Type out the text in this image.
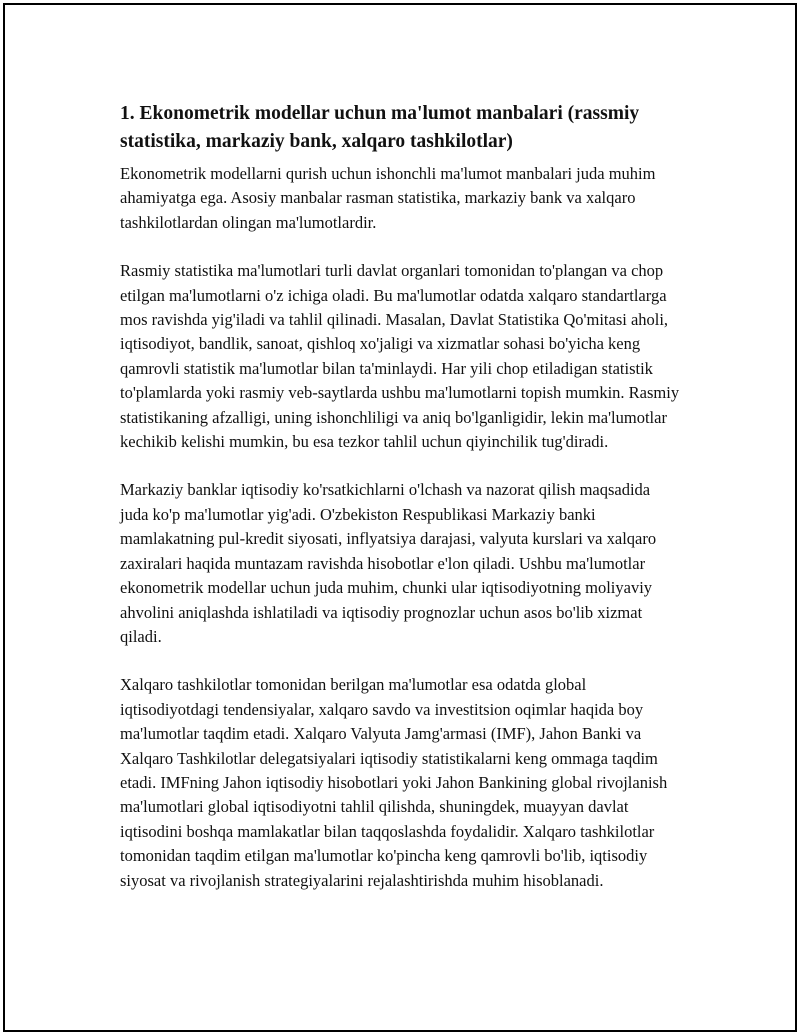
1. Ekonometrik modellar uchun ma'lumot manbalari (rassmiy statistika, markaziy bank, xalqaro tashkilotlar)

Ekonometrik modellarni qurish uchun ishonchli ma'lumot manbalari juda muhim ahamiyatga ega. Asosiy manbalar rasman statistika, markaziy bank va xalqaro tashkilotlardan olingan ma'lumotlardir.

Rasmiy statistika ma'lumotlari turli davlat organlari tomonidan to'plangan va chop etilgan ma'lumotlarni o'z ichiga oladi. Bu ma'lumotlar odatda xalqaro standartlarga mos ravishda yig'iladi va tahlil qilinadi. Masalan, Davlat Statistika Qo'mitasi aholi, iqtisodiyot, bandlik, sanoat, qishloq xo'jaligi va xizmatlar sohasi bo'yicha keng qamrovli statistik ma'lumotlar bilan ta'minlaydi. Har yili chop etiladigan statistik to'plamlarda yoki rasmiy veb-saytlarda ushbu ma'lumotlarni topish mumkin. Rasmiy statistikaning afzalligi, uning ishonchliligi va aniq bo'lganligidir, lekin ma'lumotlar kechikib kelishi mumkin, bu esa tezkor tahlil uchun qiyinchilik tug'diradi.

Markaziy banklar iqtisodiy ko'rsatkichlarni o'lchash va nazorat qilish maqsadida juda ko'p ma'lumotlar yig'adi. O'zbekiston Respublikasi Markaziy banki mamlakatning pul-kredit siyosati, inflyatsiya darajasi, valyuta kurslari va xalqaro zaxiralari haqida muntazam ravishda hisobotlar e'lon qiladi. Ushbu ma'lumotlar ekonometrik modellar uchun juda muhim, chunki ular iqtisodiyotning moliyaviy ahvolini aniqlashda ishlatiladi va iqtisodiy prognozlar uchun asos bo'lib xizmat qiladi.

Xalqaro tashkilotlar tomonidan berilgan ma'lumotlar esa odatda global iqtisodiyotdagi tendensiyalar, xalqaro savdo va investitsion oqimlar haqida boy ma'lumotlar taqdim etadi. Xalqaro Valyuta Jamg'armasi (IMF), Jahon Banki va Xalqaro Tashkilotlar delegatsiyalari iqtisodiy statistikalarni keng ommaga taqdim etadi. IMFning Jahon iqtisodiy hisobotlari yoki Jahon Bankining global rivojlanish ma'lumotlari global iqtisodiyotni tahlil qilishda, shuningdek, muayyan davlat iqtisodini boshqa mamlakatlar bilan taqqoslashda foydalidir. Xalqaro tashkilotlar tomonidan taqdim etilgan ma'lumotlar ko'pincha keng qamrovli bo'lib, iqtisodiy siyosat va rivojlanish strategiyalarini rejalashtirishda muhim hisoblanadi.
